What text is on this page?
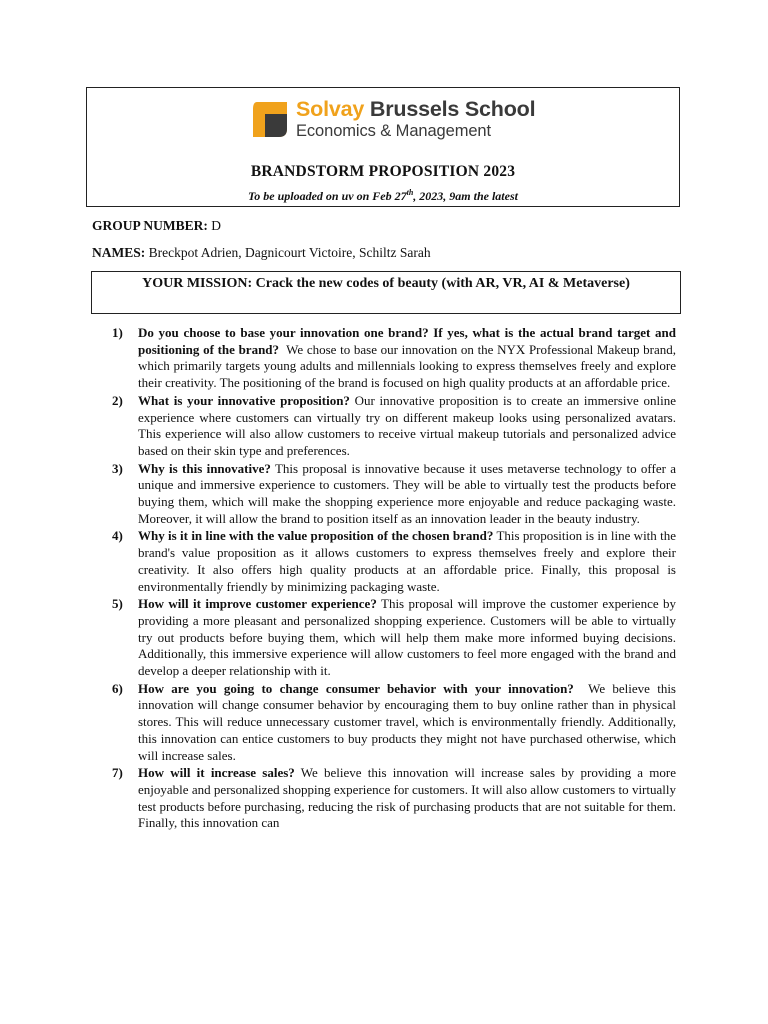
Solvay Brussels School
Economics & Management
BRANDSTORM PROPOSITION 2023
To be uploaded on uv on Feb 27th, 2023, 9am the latest
GROUP NUMBER: D
NAMES: Breckpot Adrien, Dagnicourt Victoire, Schiltz Sarah
YOUR MISSION: Crack the new codes of beauty (with AR, VR, AI & Metaverse)
1) Do you choose to base your innovation one brand? If yes, what is the actual brand target and positioning of the brand? We chose to base our innovation on the NYX Professional Makeup brand, which primarily targets young adults and millennials looking to express themselves freely and explore their creativity. The positioning of the brand is focused on high quality products at an affordable price.
2) What is your innovative proposition? Our innovative proposition is to create an immersive online experience where customers can virtually try on different makeup looks using personalized avatars. This experience will also allow customers to receive virtual makeup tutorials and personalized advice based on their skin type and preferences.
3) Why is this innovative? This proposal is innovative because it uses metaverse technology to offer a unique and immersive experience to customers. They will be able to virtually test the products before buying them, which will make the shopping experience more enjoyable and reduce packaging waste. Moreover, it will allow the brand to position itself as an innovation leader in the beauty industry.
4) Why is it in line with the value proposition of the chosen brand? This proposition is in line with the brand's value proposition as it allows customers to express themselves freely and explore their creativity. It also offers high quality products at an affordable price. Finally, this proposal is environmentally friendly by minimizing packaging waste.
5) How will it improve customer experience? This proposal will improve the customer experience by providing a more pleasant and personalized shopping experience. Customers will be able to virtually try out products before buying them, which will help them make more informed buying decisions. Additionally, this immersive experience will allow customers to feel more engaged with the brand and develop a deeper relationship with it.
6) How are you going to change consumer behavior with your innovation? We believe this innovation will change consumer behavior by encouraging them to buy online rather than in physical stores. This will reduce unnecessary customer travel, which is environmentally friendly. Additionally, this innovation can entice customers to buy products they might not have purchased otherwise, which will increase sales.
7) How will it increase sales? We believe this innovation will increase sales by providing a more enjoyable and personalized shopping experience for customers. It will also allow customers to virtually test products before purchasing, reducing the risk of purchasing products that are not suitable for them. Finally, this innovation can
